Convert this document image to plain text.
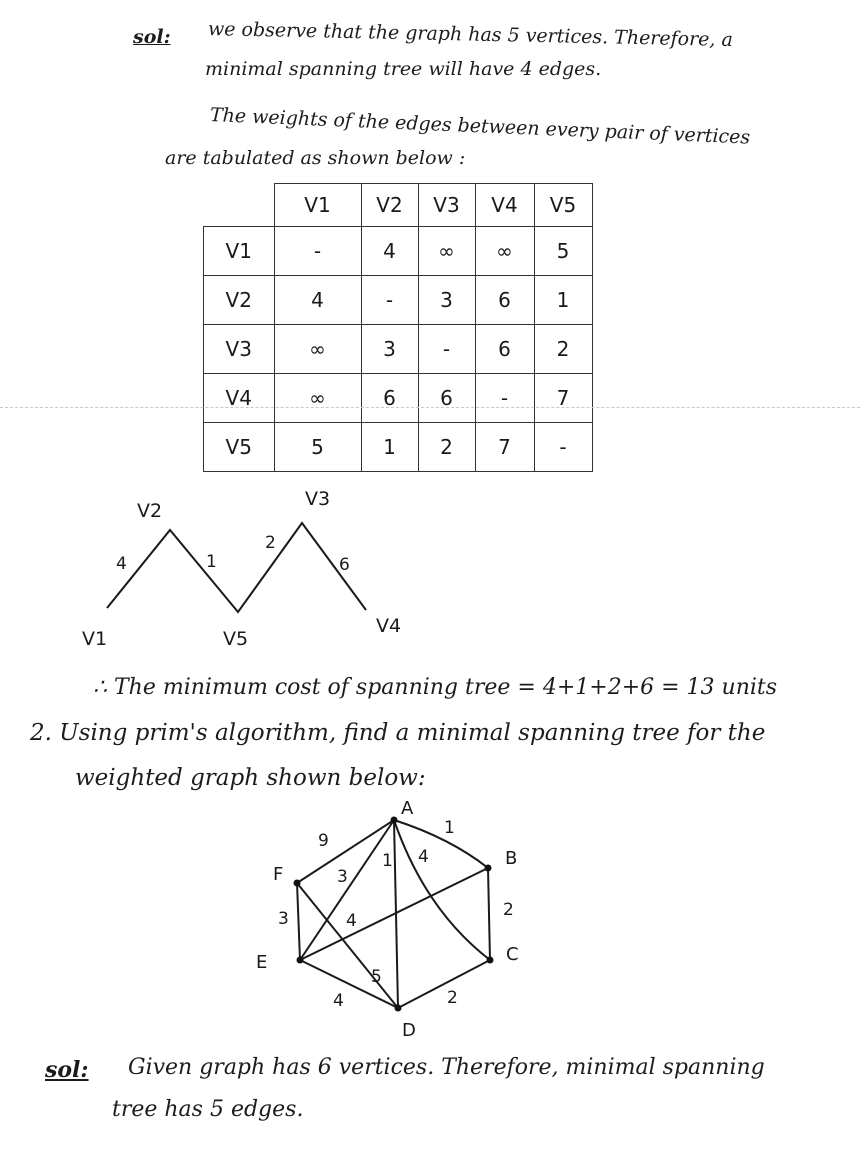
sol: we observe that the graph has 5 vertices. Therefore, a
minimal spanning tree will have 4 edges.
The weights of the edges between every pair of vertices
are tabulated as shown below :
	V1	V2	V3	V4	V5
V1	-	4	∞	∞	5
V2	4	-	3	6	1
V3	∞	3	-	6	2
V4	∞	6	6	-	7
V5	5	1	2	7	-
V1
V2
V3
V4
V5
4	1
2
6
A
B
C
D
E
F
9
1
2
2
4
3
3
1 4
5
4
∴ The minimum cost of spanning tree = 4+1+2+6 = 13 units
2. Using prim's algorithm, find a minimal spanning tree for the
weighted graph shown below:
sol: Given graph has 6 vertices. Therefore, minimal spanning
tree has 5 edges.
